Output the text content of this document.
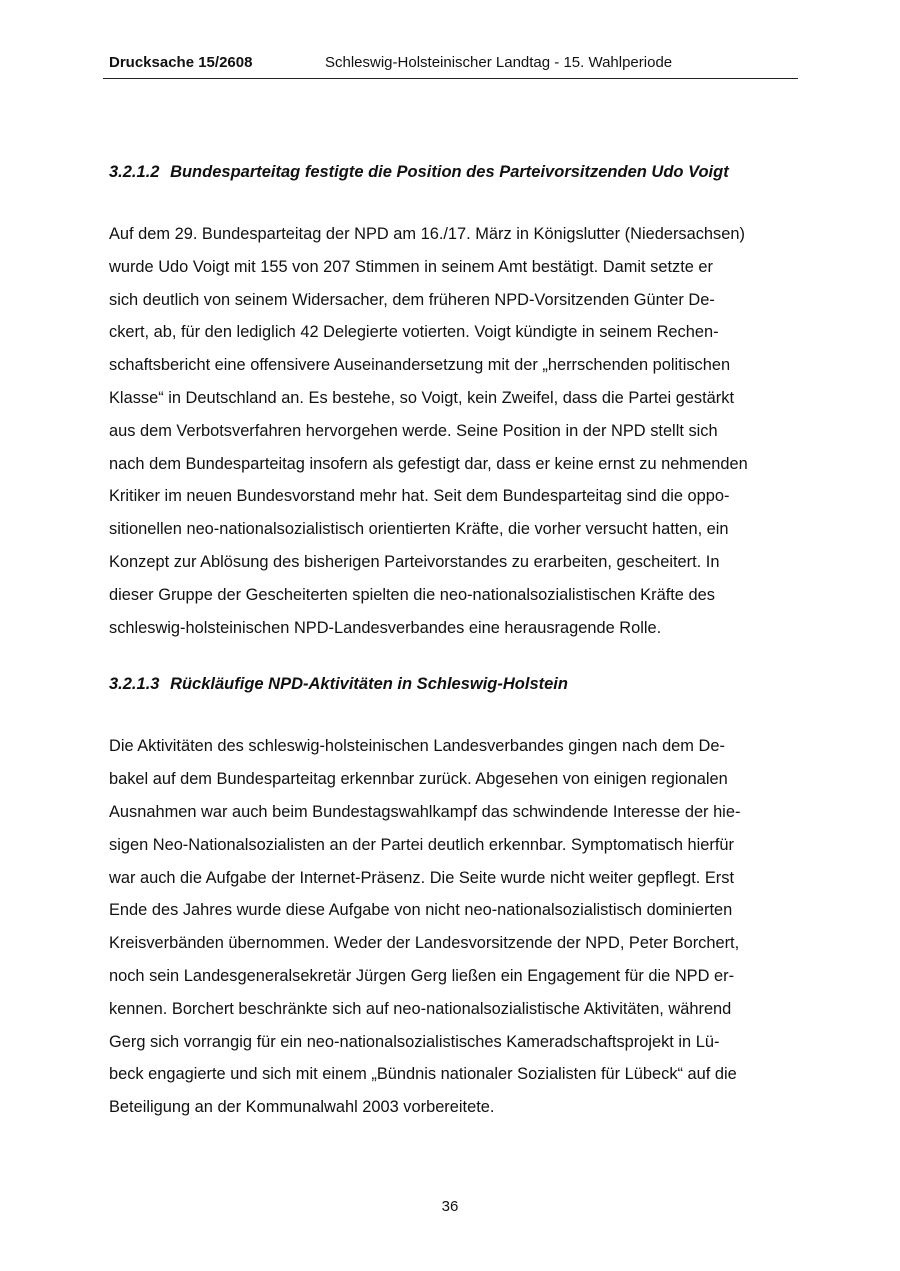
Drucksache 15/2608	Schleswig-Holsteinischer Landtag - 15. Wahlperiode
3.2.1.2 Bundesparteitag festigte die Position des Parteivorsitzenden Udo Voigt
Auf dem 29. Bundesparteitag der NPD am 16./17. März in Königslutter (Niedersachsen)
wurde Udo Voigt mit 155 von 207 Stimmen in seinem Amt bestätigt. Damit setzte er
sich deutlich von seinem Widersacher, dem früheren NPD-Vorsitzenden Günter De-
ckert, ab, für den lediglich 42 Delegierte votierten. Voigt kündigte in seinem Rechen-
schaftsbericht eine offensivere Auseinandersetzung mit der „herrschenden politischen
Klasse“ in Deutschland an. Es bestehe, so Voigt, kein Zweifel, dass die Partei gestärkt
aus dem Verbotsverfahren hervorgehen werde. Seine Position in der NPD stellt sich
nach dem Bundesparteitag insofern als gefestigt dar, dass er keine ernst zu nehmenden
Kritiker im neuen Bundesvorstand mehr hat. Seit dem Bundesparteitag sind die oppo-
sitionellen neo-nationalsozialistisch orientierten Kräfte, die vorher versucht hatten, ein
Konzept zur Ablösung des bisherigen Parteivorstandes zu erarbeiten, gescheitert. In
dieser Gruppe der Gescheiterten spielten die neo-nationalsozialistischen Kräfte des
schleswig-holsteinischen NPD-Landesverbandes eine herausragende Rolle.
3.2.1.3 Rückläufige NPD-Aktivitäten in Schleswig-Holstein
Die Aktivitäten des schleswig-holsteinischen Landesverbandes gingen nach dem De-
bakel auf dem Bundesparteitag erkennbar zurück. Abgesehen von einigen regionalen
Ausnahmen war auch beim Bundestagswahlkampf das schwindende Interesse der hie-
sigen Neo-Nationalsozialisten an der Partei deutlich erkennbar. Symptomatisch hierfür
war auch die Aufgabe der Internet-Präsenz. Die Seite wurde nicht weiter gepflegt. Erst
Ende des Jahres wurde diese Aufgabe von nicht neo-nationalsozialistisch dominierten
Kreisverbänden übernommen. Weder der Landesvorsitzende der NPD, Peter Borchert,
noch sein Landesgeneralsekretär Jürgen Gerg ließen ein Engagement für die NPD er-
kennen. Borchert beschränkte sich auf neo-nationalsozialistische Aktivitäten, während
Gerg sich vorrangig für ein neo-nationalsozialistisches Kameradschaftsprojekt in Lü-
beck engagierte und sich mit einem „Bündnis nationaler Sozialisten für Lübeck“ auf die
Beteiligung an der Kommunalwahl 2003 vorbereitete.
36
